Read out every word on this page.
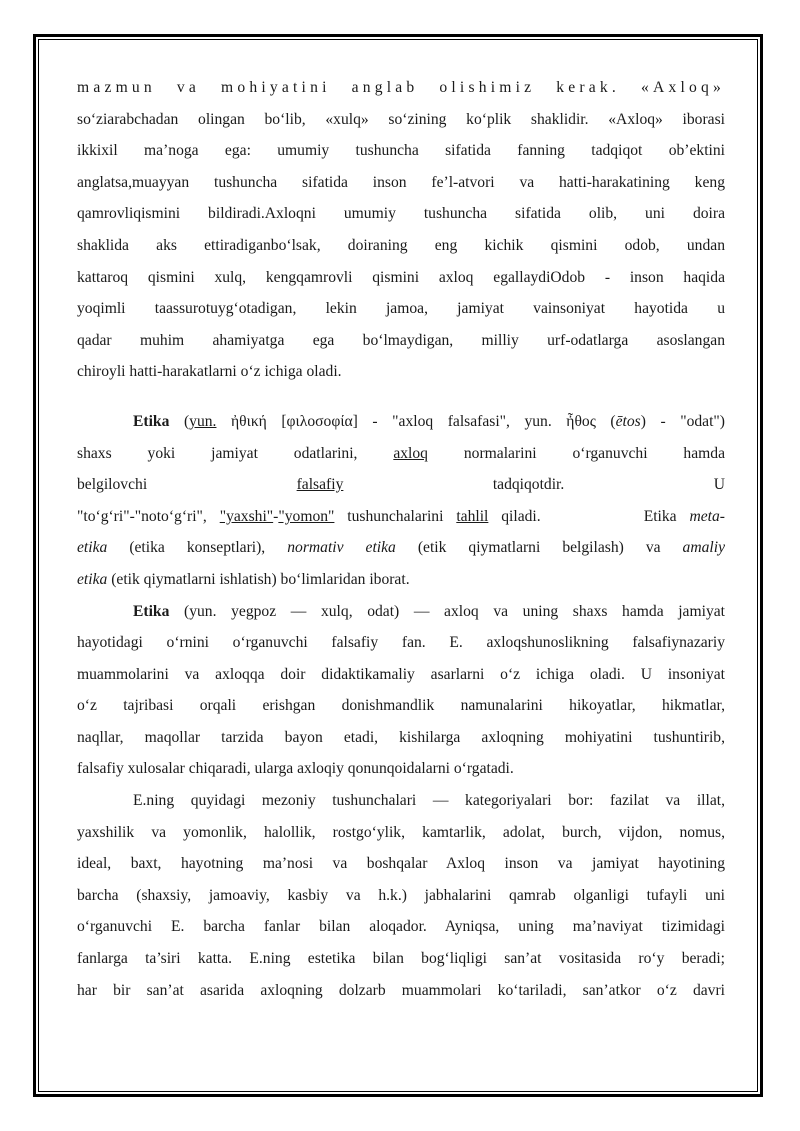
mazmun va mohiyatini anglab olishimiz kerak. «Axloq»
so‘ziarabchadan olingan bo‘lib, «xulq» so‘zining ko‘plik shaklidir. «Axloq» iborasi
ikkixil ma’noga ega: umumiy tushuncha sifatida fanning tadqiqot ob’ektini
anglatsa,muayyan tushuncha sifatida inson fe’l-atvori va hatti-harakatining keng
qamrovliqismini bildiradi.Axloqni umumiy tushuncha sifatida olib, uni doira
shaklida aks ettiradiganbo‘lsak, doiraning eng kichik qismini odob, undan
kattaroq qismini xulq, kengqamrovli qismini axloq egallaydiOdob - inson haqida
yoqimli taassurotuyg‘otadigan, lekin jamoa, jamiyat vainsoniyat hayotida u
qadar muhim ahamiyatga ega bo‘lmaydigan, milliy urf-odatlarga asoslangan
chiroyli hatti-harakatlarni o‘z ichiga oladi.
Etika (yun. ἠθική [φιλοσοφία] - "axloq falsafasi", yun. ἦθος (ētos) - "odat")
shaxs yoki jamiyat odatlarini, axloq normalarini o‘rganuvchi hamda
belgilovchi falsafiy tadqiqotdir.	U
"to‘g‘ri"-"noto‘g‘ri", "yaxshi"-"yomon" tushunchalarini tahlil qiladi.	Etika meta-
etika (etika konseptlari), normativ etika (etik qiymatlarni belgilash) va amaliy
etika (etik qiymatlarni ishlatish) bo‘limlaridan iborat.
Etika (yun. yegpoz — xulq, odat) — axloq va uning shaxs hamda jamiyat
hayotidagi o‘rnini o‘rganuvchi falsafiy fan. E. axloqshunoslikning falsafiynazariy
muammolarini va axloqqa doir didaktikamaliy asarlarni o‘z ichiga oladi. U insoniyat
o‘z tajribasi orqali erishgan donishmandlik namunalarini hikoyatlar, hikmatlar,
naqllar, maqollar tarzida bayon etadi, kishilarga axloqning mohiyatini tushuntirib,
falsafiy xulosalar chiqaradi, ularga axloqiy qonunqoidalarni o‘rgatadi.
E.ning quyidagi mezoniy tushunchalari — kategoriyalari bor: fazilat va illat,
yaxshilik va yomonlik, halollik, rostgo‘ylik, kamtarlik, adolat, burch, vijdon, nomus,
ideal, baxt, hayotning ma’nosi va boshqalar Axloq inson va jamiyat hayotining
barcha (shaxsiy, jamoaviy, kasbiy va h.k.) jabhalarini qamrab olganligi tufayli uni
o‘rganuvchi E. barcha fanlar bilan aloqador. Ayniqsa, uning ma’naviyat tizimidagi
fanlarga ta’siri katta. E.ning estetika bilan bog‘liqligi san’at vositasida ro‘y beradi;
har bir san’at asarida axloqning dolzarb muammolari ko‘tariladi, san’atkor o‘z davri
